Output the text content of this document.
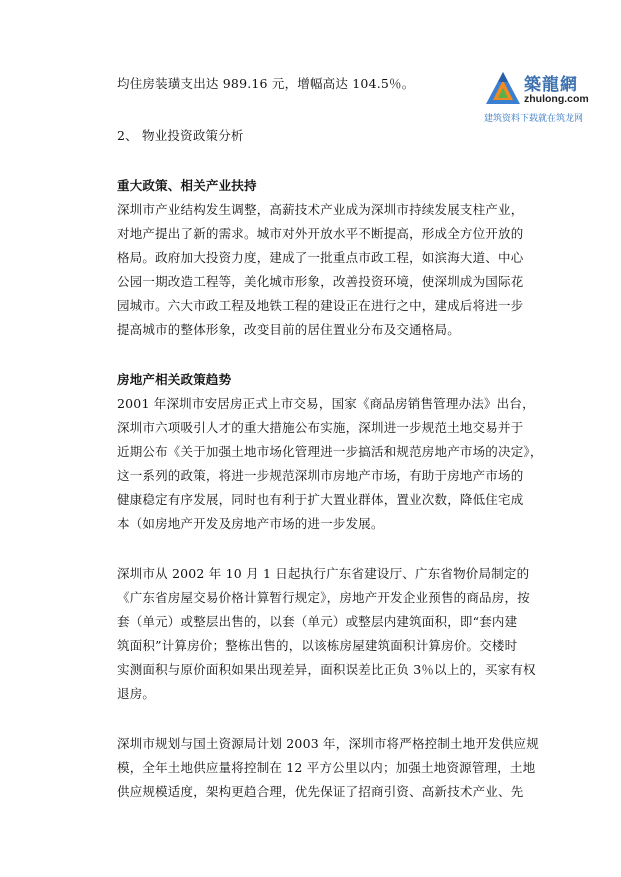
築龍網
zhulong.com
建筑资料下载就在筑龙网
均住房装璜支出达 989.16 元，增幅高达 104.5％。
2、 物业投资政策分析
重大政策、相关产业扶持
深圳市产业结构发生调整，高薪技术产业成为深圳市持续发展支柱产业，
对地产提出了新的需求。城市对外开放水平不断提高，形成全方位开放的
格局。政府加大投资力度，建成了一批重点市政工程，如滨海大道、中心
公园一期改造工程等，美化城市形象，改善投资环境，使深圳成为国际花
园城市。六大市政工程及地铁工程的建设正在进行之中，建成后将进一步
提高城市的整体形象，改变目前的居住置业分布及交通格局。
房地产相关政策趋势
2001 年深圳市安居房正式上市交易，国家《商品房销售管理办法》出台，
深圳市六项吸引人才的重大措施公布实施，深圳进一步规范土地交易并于
近期公布《关于加强土地市场化管理进一步搞活和规范房地产市场的决定》，
这一系列的政策，将进一步规范深圳市房地产市场，有助于房地产市场的
健康稳定有序发展，同时也有利于扩大置业群体，置业次数，降低住宅成
本（如房地产开发及房地产市场的进一步发展。
深圳市从 2002 年 10 月 1 日起执行广东省建设厅、广东省物价局制定的
《广东省房屋交易价格计算暂行规定》，房地产开发企业预售的商品房，按
套（单元）或整层出售的，以套（单元）或整层内建筑面积，即“套内建
筑面积”计算房价；整栋出售的，以该栋房屋建筑面积计算房价。交楼时
实测面积与原价面积如果出现差异，面积误差比正负 3％以上的，买家有权
退房。
深圳市规划与国土资源局计划 2003 年，深圳市将严格控制土地开发供应规
模，全年土地供应量将控制在 12 平方公里以内；加强土地资源管理，土地
供应规模适度，架构更趋合理，优先保证了招商引资、高新技术产业、先
